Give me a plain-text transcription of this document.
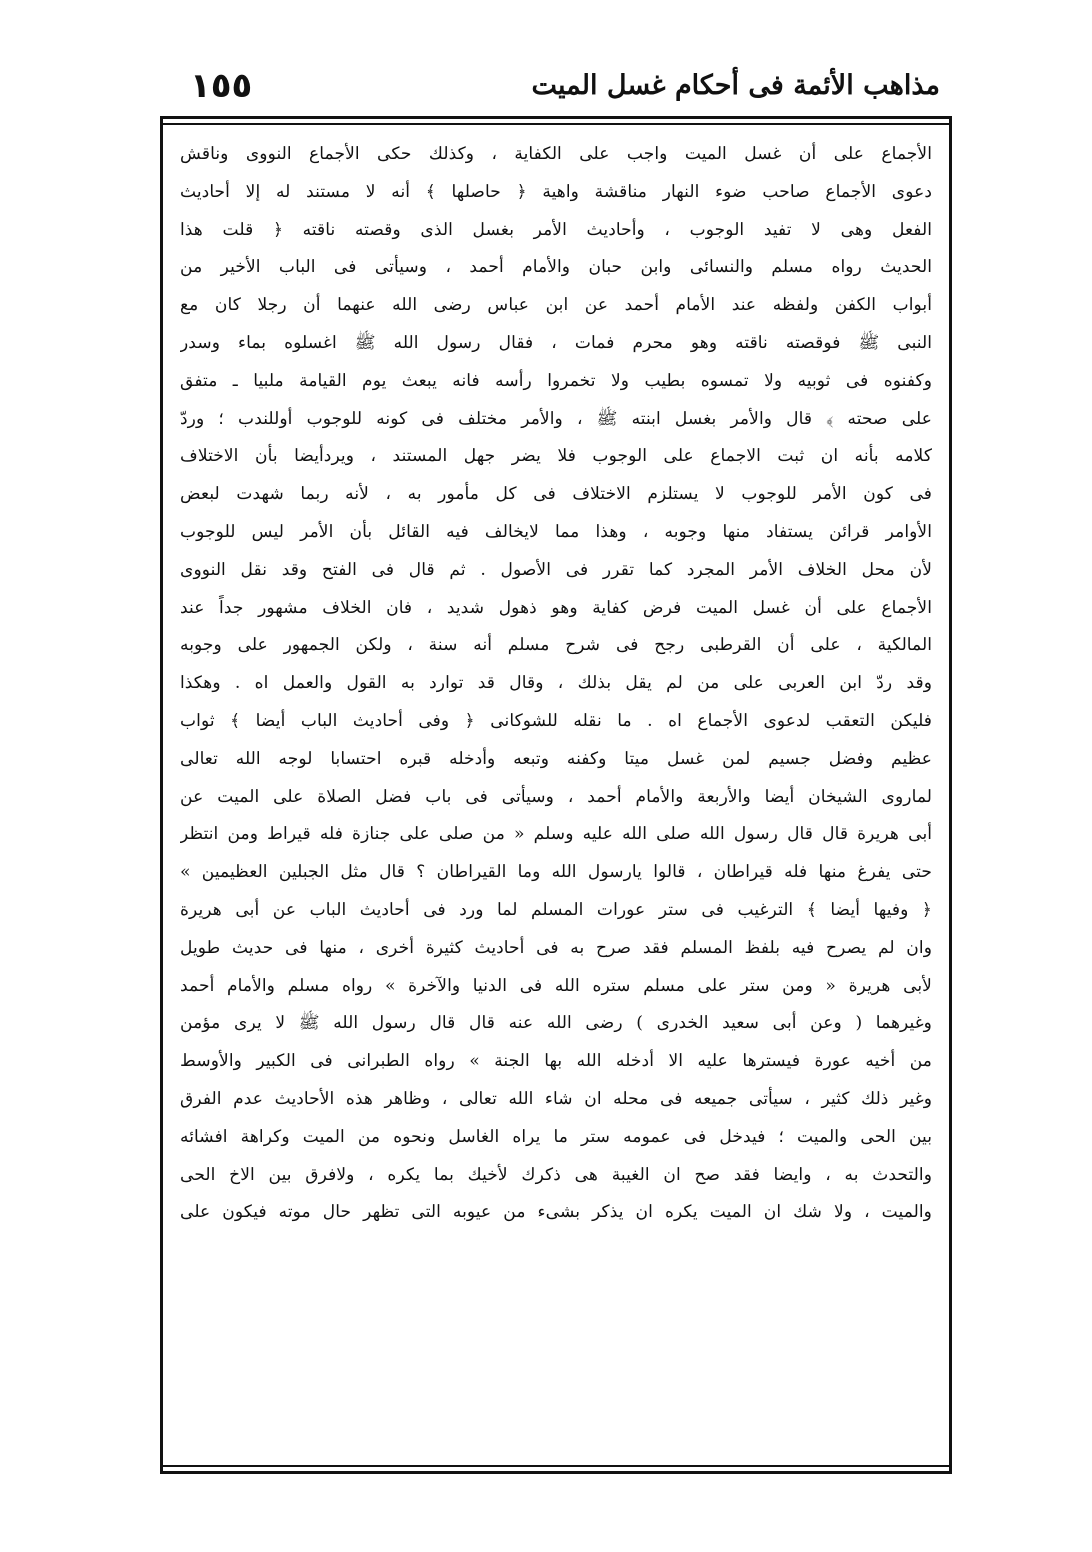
مذاهب الأئمة فى أحكام غسل الميت
١٥٥
الأجماع على أن غسل الميت واجب على الكفاية ، وكذلك حكى الأجماع النووى وناقش
دعوى الأجماع صاحب ضوء النهار مناقشة واهية ﴿ حاصلها ﴾ أنه لا مستند له إلا أحاديث
الفعل وهى لا تفيد الوجوب ، وأحاديث الأمر بغسل الذى وقصته ناقته ﴿ قلت هذا
الحديث رواه مسلم والنسائى وابن حبان والأمام أحمد ، وسيأتى فى الباب الأخير من
أبواب الكفن ولفظه عند الأمام أحمد عن ابن عباس رضى الله عنهما أن رجلا كان مع
النبى ﷺ فوقصته ناقته وهو محرم فمات ، فقال رسول الله ﷺ اغسلوه بماء وسدر
وكفنوه فى ثوبيه ولا تمسوه بطيب ولا تخمروا رأسه فانه يبعث يوم القيامة ملبيا ـ متفق
على صحته ﴾ قال والأمر بغسل ابنته ﷺ ، والأمر مختلف فى كونه للوجوب أوللندب ؛ وردّ
كلامه بأنه ان ثبت الاجماع على الوجوب فلا يضر جهل المستند ، ويردأيضا بأن الاختلاف
فى كون الأمر للوجوب لا يستلزم الاختلاف فى كل مأمور به ، لأنه ربما شهدت لبعض
الأوامر قرائن يستفاد منها وجوبه ، وهذا مما لايخالف فيه القائل بأن الأمر ليس للوجوب
لأن محل الخلاف الأمر المجرد كما تقرر فى الأصول . ثم قال فى الفتح وقد نقل النووى
الأجماع على أن غسل الميت فرض كفاية وهو ذهول شديد ، فان الخلاف مشهور جداً عند
المالكية ، على أن القرطبى رجح فى شرح مسلم أنه سنة ، ولكن الجمهور على وجوبه
وقد ردّ ابن العربى على من لم يقل بذلك ، وقال قد توارد به القول والعمل اه . وهكذا
فليكن التعقب لدعوى الأجماع اه . ما نقله للشوكانى ﴿ وفى أحاديث الباب أيضا ﴾ ثواب
عظيم وفضل جسيم لمن غسل ميتا وكفنه وتبعه وأدخله قبره احتسابا لوجه الله تعالى
لماروى الشيخان أيضا والأربعة والأمام أحمد ، وسيأتى فى باب فضل الصلاة على الميت عن
أبى هريرة قال قال رسول الله صلى الله عليه وسلم « من صلى على جنازة فله قيراط ومن انتظر
حتى يفرغ منها فله قيراطان ، قالوا يارسول الله وما القيراطان ؟ قال مثل الجبلين العظيمين »
﴿ وفيها أيضا ﴾ الترغيب فى ستر عورات المسلم لما ورد فى أحاديث الباب عن أبى هريرة
وان لم يصرح فيه بلفظ المسلم فقد صرح به فى أحاديث كثيرة أخرى ، منها فى حديث طويل
لأبى هريرة « ومن ستر على مسلم ستره الله فى الدنيا والآخرة » رواه مسلم والأمام أحمد
وغيرهما ( وعن أبى سعيد الخدرى ) رضى الله عنه قال قال رسول الله ﷺ لا يرى مؤمن
من أخيه عورة فيسترها عليه الا أدخله الله بها الجنة » رواه الطبرانى فى الكبير والأوسط
وغير ذلك كثير ، سيأتى جميعه فى محله ان شاء الله تعالى ، وظاهر هذه الأحاديث عدم الفرق
بين الحى والميت ؛ فيدخل فى عمومه ستر ما يراه الغاسل ونحوه من الميت وكراهة افشائه
والتحدث به ، وايضا فقد صح ان الغيبة هى ذكرك لأخيك بما يكره ، ولافرق بين الاخ الحى
والميت ، ولا شك ان الميت يكره ان يذكر بشىء من عيوبه التى تظهر حال موته فيكون على
